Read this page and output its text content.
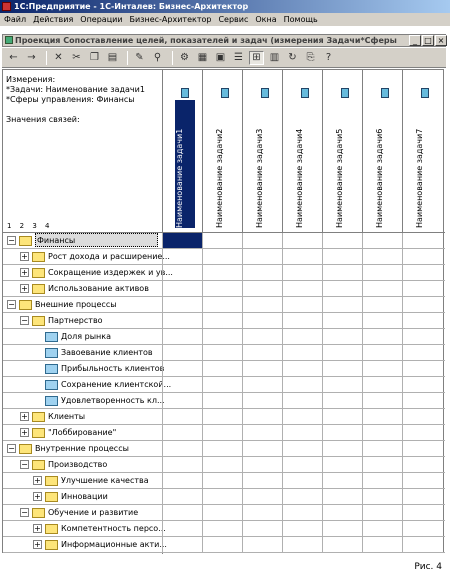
1С:Предприятие - 1С-Инталев: Бизнес-Архитектор
Файл Действия Операции Бизнес-Архитектор Сервис Окна Помощь
Проекция Сопоставление целей, показателей и задач (измерения Задачи*Сферы	_ □ ×
← →	✕ ✂ ❐ ▤	✎	⚲	⚙ ▦ ▣ ☰ ⊞ ▥ ↻ ⎘	?
Измерения:
*Задачи: Наименование задачи1
*Сферы управления: Финансы
Значения связей:
1 2 3 4	Наименование задачи1	Наименование задачи2	Наименование задачи3	Наименование задачи4	Наименование задачи5	Наименование задачи6	Наименование задачи7
−	Финансы
+	Рост дохода и расширение...
+	Сокращение издержек и ув...
+	Использование активов
−	Внешние процессы
−	Партнерство
Доля рынка
Завоевание клиентов
Прибыльность клиентов
Сохранение клиентской...
Удовлетворенность кл...
+	Клиенты
+	"Лоббирование"
−	Внутренние процессы
−	Производство
+	Улучшение качества
+	Инновации
−	Обучение и развитие
+	Компетентность персо...
+	Информационные акти...
Рис. 4
